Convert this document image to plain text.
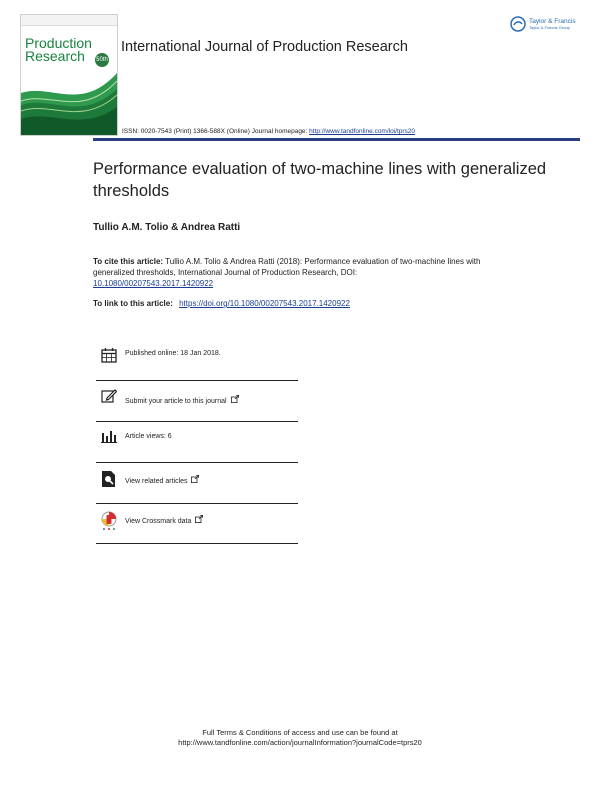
Production Research	50th
International Journal of Production Research
Taylor & Francis
Taylor & Francis Group
ISSN: 0020-7543 (Print) 1366-588X (Online) Journal homepage: http://www.tandfonline.com/loi/tprs20
Performance evaluation of two-machine lines with generalized thresholds
Tullio A.M. Tolio & Andrea Ratti
To cite this article: Tullio A.M. Tolio & Andrea Ratti (2018): Performance evaluation of two-machine lines with generalized thresholds, International Journal of Production Research, DOI:
10.1080/00207543.2017.1420922
To link to this article: https://doi.org/10.1080/00207543.2017.1420922
Published online: 18 Jan 2018.
Submit your article to this journal
Article views: 6
View related articles
View Crossmark data
Full Terms & Conditions of access and use can be found at
http://www.tandfonline.com/action/journalInformation?journalCode=tprs20
